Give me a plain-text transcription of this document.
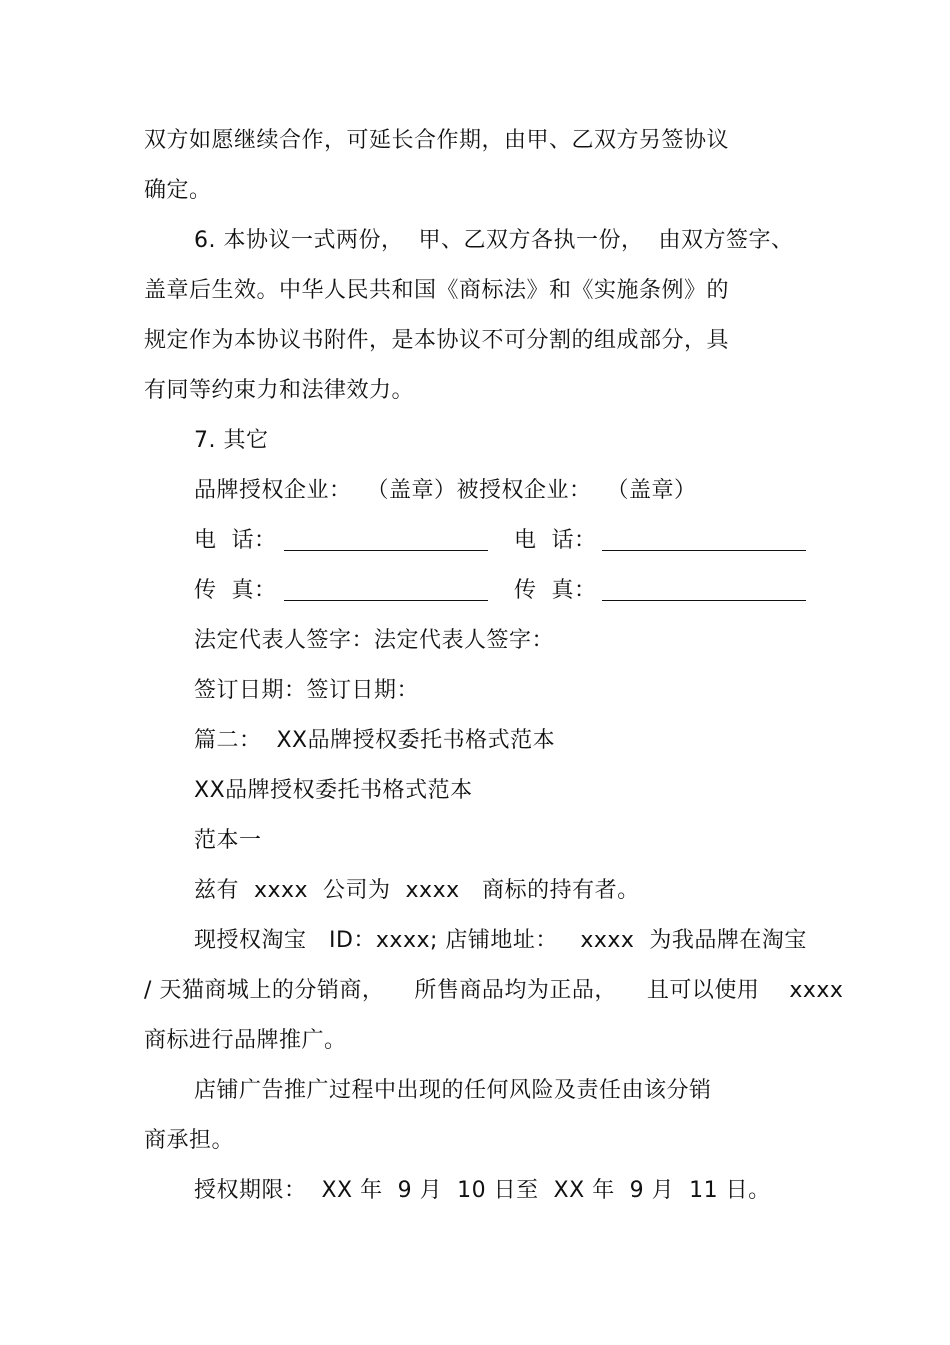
双方如愿继续合作，可延长合作期，由甲、乙双方另签协议
确定。
6. 本协议一式两份，  甲、乙双方各执一份，  由双方签字、
盖章后生效。中华人民共和国《商标法》和《实施条例》的
规定作为本协议书附件，是本协议不可分割的组成部分，具
有同等约束力和法律效力。
7. 其它
品牌授权企业：  （盖章）被授权企业：  （盖章）
电  话：	电  话：
传  真：	传  真：
法定代表人签字：法定代表人签字：
签订日期：签订日期：
篇二：  XX品牌授权委托书格式范本
XX品牌授权委托书格式范本
范本一
兹有  xxxx  公司为  xxxx   商标的持有者。
现授权淘宝   ID：xxxx; 店铺地址：   xxxx  为我品牌在淘宝
/ 天猫商城上的分销商，    所售商品均为正品，    且可以使用    xxxx
商标进行品牌推广。
店铺广告推广过程中出现的任何风险及责任由该分销
商承担。
授权期限：  XX 年  9 月  10 日至  XX 年  9 月  11 日。
